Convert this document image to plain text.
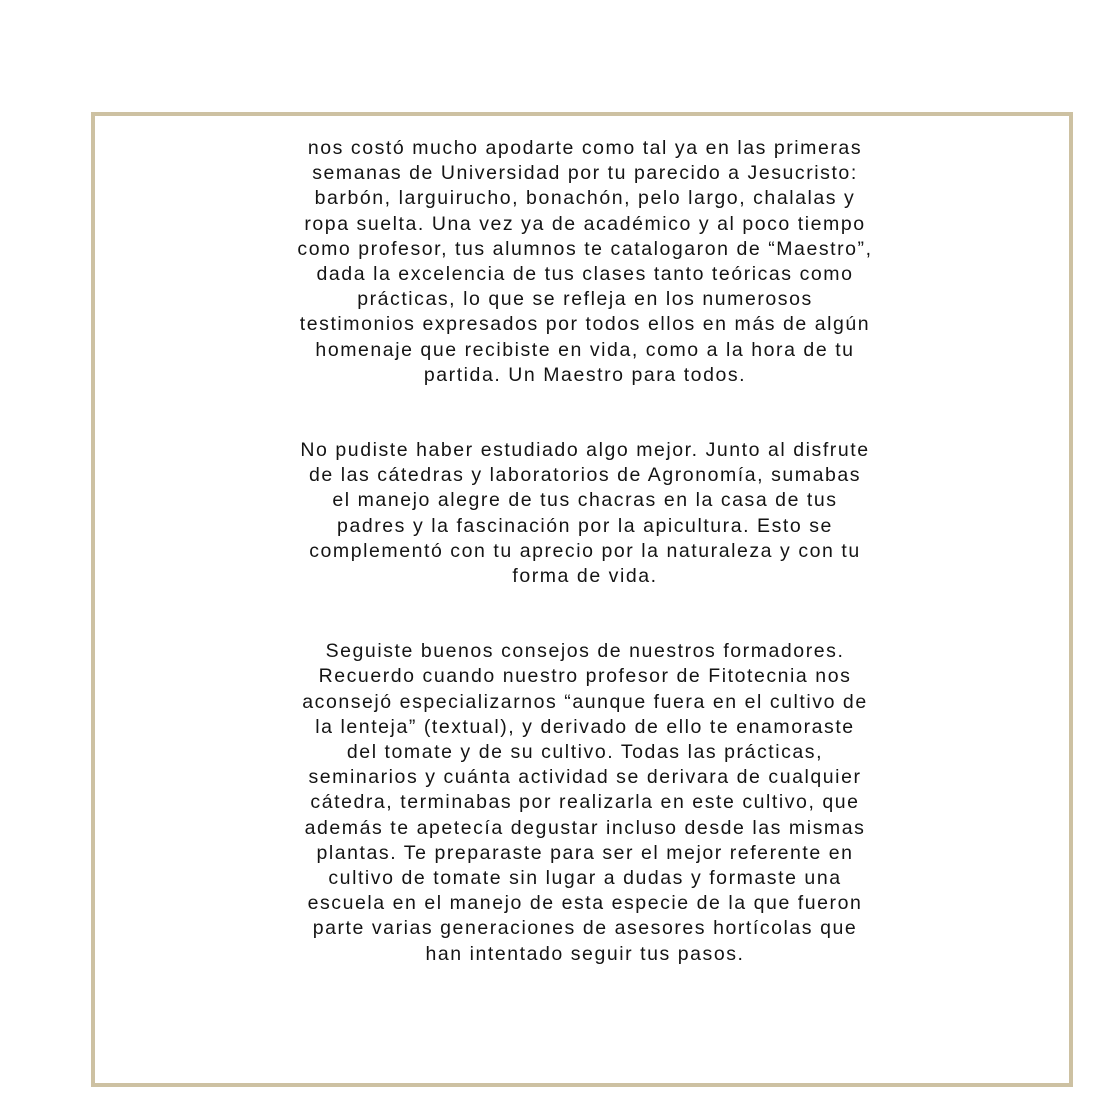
nos costó mucho apodarte como tal ya en las primeras
semanas de Universidad por tu parecido a Jesucristo:
barbón, larguirucho, bonachón, pelo largo, chalalas y
ropa suelta. Una vez ya de académico y al poco tiempo
como profesor, tus alumnos te catalogaron de “Maestro”,
dada la excelencia de tus clases tanto teóricas como
prácticas, lo que se refleja en los numerosos
testimonios expresados por todos ellos en más de algún
homenaje que recibiste en vida, como a la hora de tu
partida. Un Maestro para todos.

No pudiste haber estudiado algo mejor. Junto al disfrute
de las cátedras y laboratorios de Agronomía, sumabas
el manejo alegre de tus chacras en la casa de tus
padres y la fascinación por la apicultura. Esto se
complementó con tu aprecio por la naturaleza y con tu
forma de vida.

Seguiste buenos consejos de nuestros formadores.
Recuerdo cuando nuestro profesor de Fitotecnia nos
aconsejó especializarnos “aunque fuera en el cultivo de
la lenteja” (textual), y derivado de ello te enamoraste
del tomate y de su cultivo. Todas las prácticas,
seminarios y cuánta actividad se derivara de cualquier
cátedra, terminabas por realizarla en este cultivo, que
además te apetecía degustar incluso desde las mismas
plantas. Te preparaste para ser el mejor referente en
cultivo de tomate sin lugar a dudas y formaste una
escuela en el manejo de esta especie de la que fueron
parte varias generaciones de asesores hortícolas que
han intentado seguir tus pasos.
